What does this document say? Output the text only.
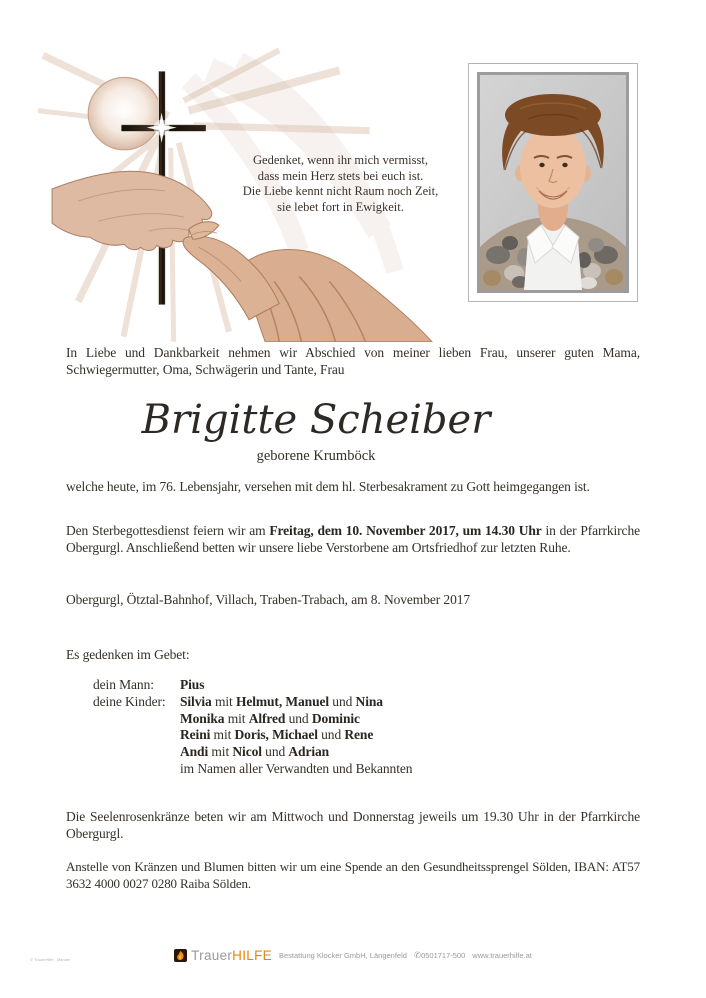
Gedenket, wenn ihr mich vermisst,
dass mein Herz stets bei euch ist.
Die Liebe kennt nicht Raum noch Zeit,
sie lebet fort in Ewigkeit.
In Liebe und Dankbarkeit nehmen wir Abschied von meiner lieben Frau, unserer guten Mama, Schwiegermutter, Oma, Schwägerin und Tante, Frau
Brigitte Scheiber
geborene Krumböck
welche heute, im 76. Lebensjahr, versehen mit dem hl. Sterbesakrament zu Gott heimgegangen ist.
Den Sterbegottesdienst feiern wir am Freitag, dem 10. November 2017, um 14.30 Uhr in der Pfarrkirche Obergurgl. Anschließend betten wir unsere liebe Verstorbene am Ortsfriedhof zur letzten Ruhe.
Obergurgl, Ötztal-Bahnhof, Villach, Traben-Trabach, am 8. November 2017
Es gedenken im Gebet:
dein Mann: Pius
deine Kinder: Silvia mit Helmut, Manuel und Nina
Monika mit Alfred und Dominic
Reini mit Doris, Michael und Rene
Andi mit Nicol und Adrian
im Namen aller Verwandten und Bekannten
Die Seelenrosenkränze beten wir am Mittwoch und Donnerstag jeweils um 19.30 Uhr in der Pfarrkirche Obergurgl.
Anstelle von Kränzen und Blumen bitten wir um eine Spende an den Gesundheitssprengel Sölden, IBAN: AT57 3632 4000 0027 0280 Raiba Sölden.
TrauerHILFE Bestattung Klocker GmbH, Längenfeld ✆0501717-500 www.trauerhilfe.at
© TrauerHilfe _Mander
